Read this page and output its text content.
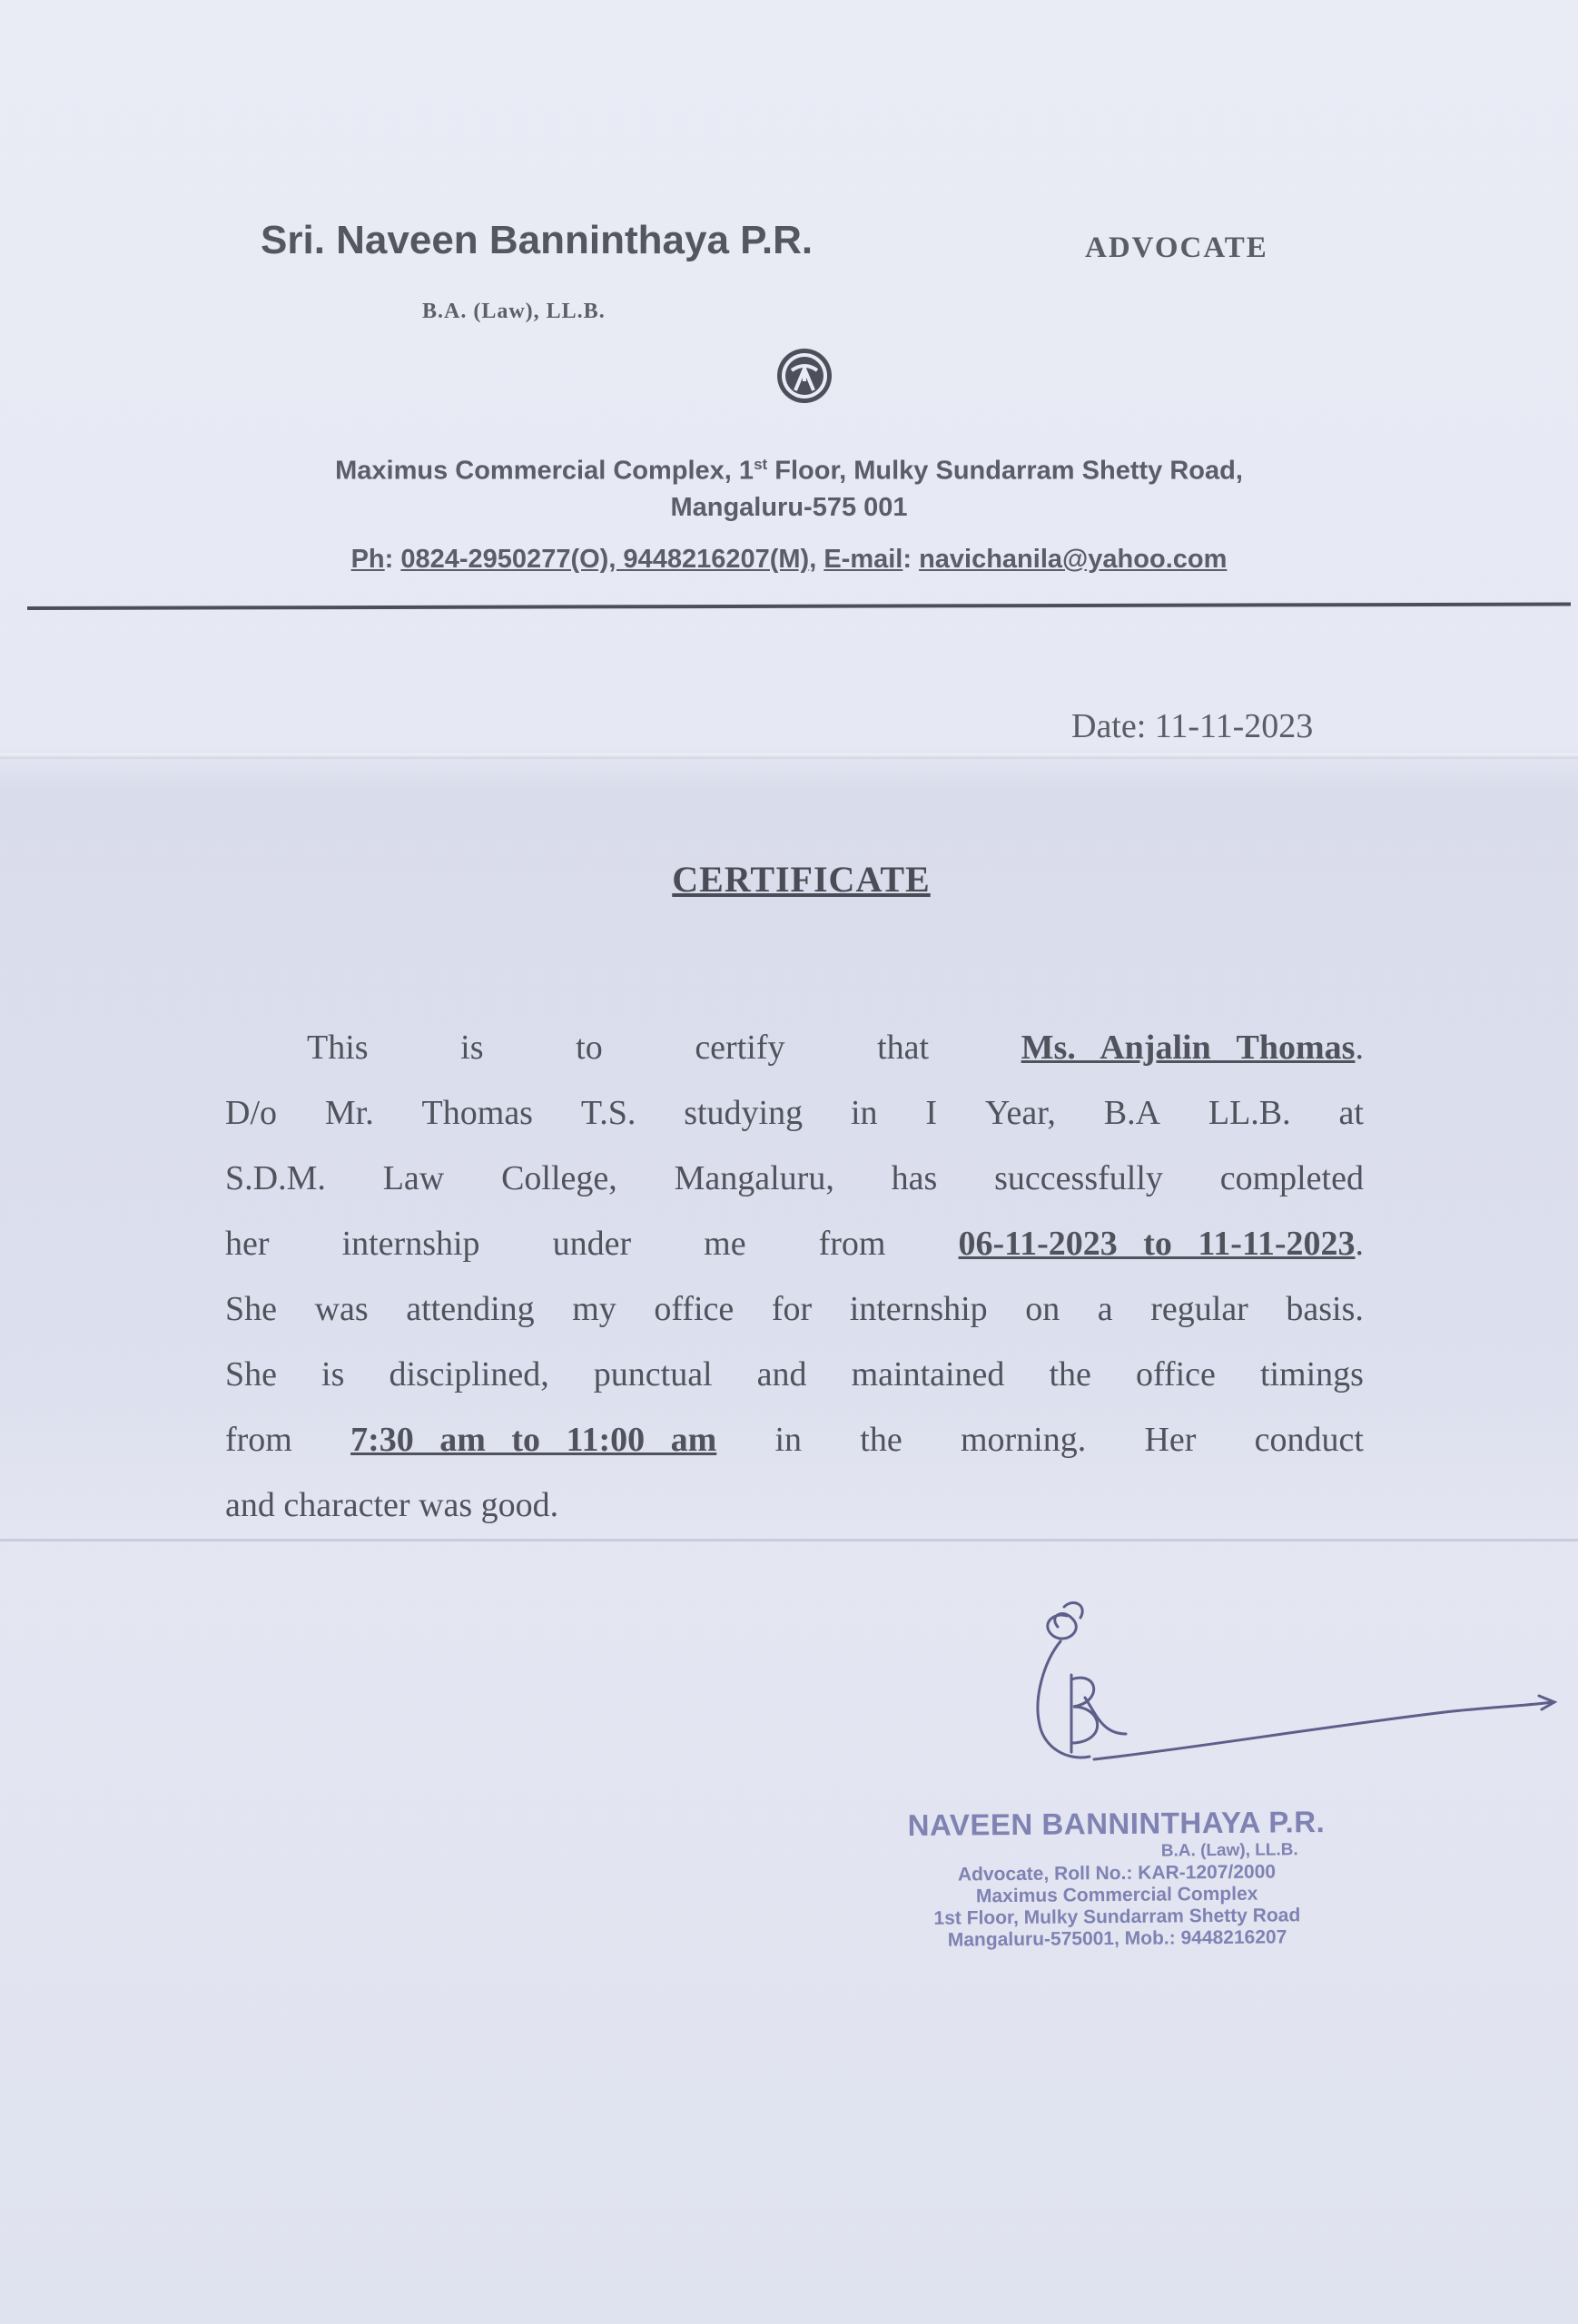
Sri. Naveen Banninthaya P.R.	ADVOCATE
B.A. (Law), LL.B.
Maximus Commercial Complex, 1st Floor, Mulky Sundarram Shetty Road,
Mangaluru-575 001
Ph: 0824-2950277(O), 9448216207(M), E-mail: navichanila@yahoo.com
Date: 11-11-2023
CERTIFICATE
This	is	to	certify	that	Ms.   Anjalin   Thomas.
D/o Mr. Thomas T.S. studying in I Year, B.A LL.B. at
S.D.M. Law College, Mangaluru, has successfully completed
her internship under me from 06-11-2023   to   11-11-2023.
She was attending my office for internship on a regular basis.
She is disciplined, punctual and maintained the office timings
from 7:30   am   to   11:00   am in the morning. Her conduct
and character was good.
NAVEEN BANNINTHAYA P.R.
B.A. (Law), LL.B.
Advocate, Roll No.: KAR-1207/2000
Maximus Commercial Complex
1st Floor, Mulky Sundarram Shetty Road
Mangaluru-575001, Mob.: 9448216207
